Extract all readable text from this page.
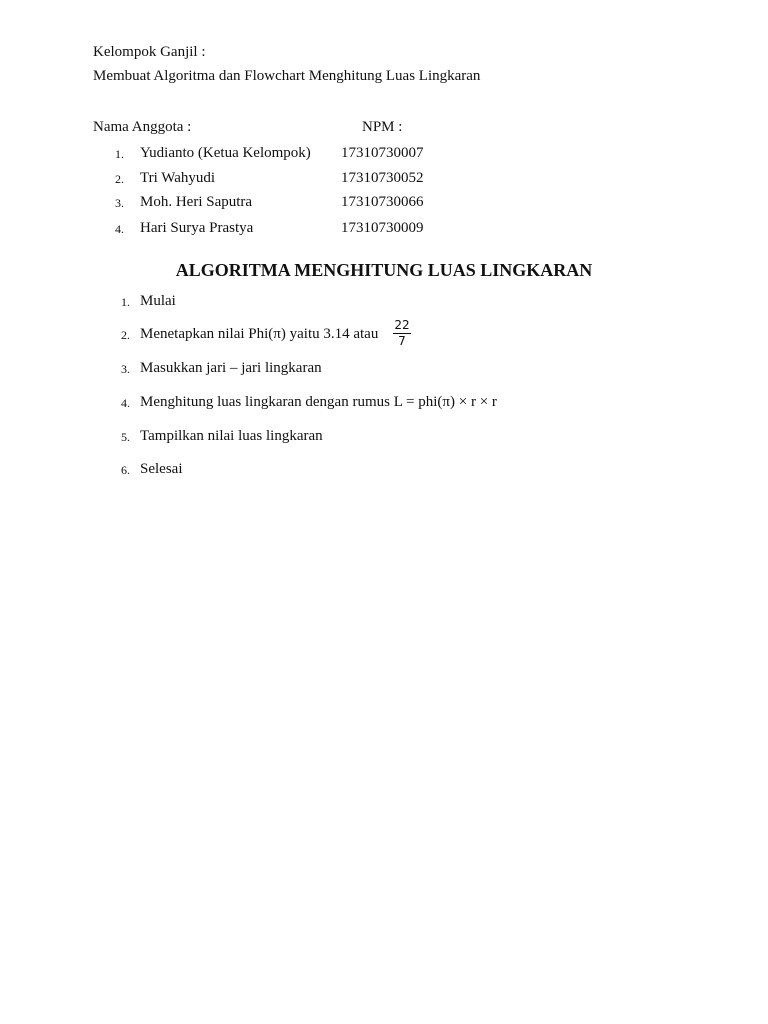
Kelompok Ganjil :
Membuat Algoritma dan Flowchart Menghitung Luas Lingkaran
Nama Anggota :	NPM :
1. Yudianto (Ketua Kelompok) 17310730007
2. Tri Wahyudi	17310730052
3. Moh. Heri Saputra	17310730066
4. Hari Surya Prastya	17310730009
ALGORITMA MENGHITUNG LUAS LINGKARAN
1. Mulai
2. Menetapkan nilai Phi(π) yaitu 3.14 atau
22
7
3. Masukkan jari – jari lingkaran
4. Menghitung luas lingkaran dengan rumus L = phi(π) × r × r
5. Tampilkan nilai luas lingkaran
6. Selesai
